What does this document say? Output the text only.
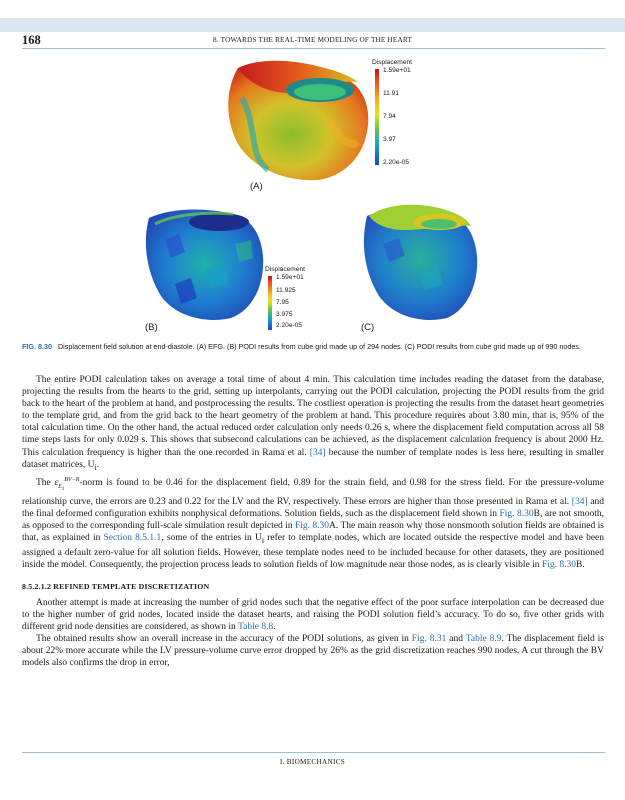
168	8. TOWARDS THE REAL-TIME MODELING OF THE HEART
(A)
Displacement
1.59e+01
11.91
7.94
3.97
2.20e-05
(B)
Displacement
1.59e+01
11.925
7.95
3.975
2.20e-05	(C)
FIG. 8.30 Displacement field solution at end-diastole. (A) EFG. (B) PODI results from cube grid made up of 294 nodes. (C) PODI results from cube grid made up of 990 nodes.

The entire PODI calculation takes on average a total time of about 4 min. This calculation time includes reading the dataset from the database, projecting the results from the hearts to the grid, setting up interpolants, carrying out the PODI calculation, projecting the PODI results from the grid back to the heart of the problem at hand, and postprocessing the results. The costliest operation is projecting the results from the dataset heart geometries to the template grid, and from the grid back to the heart geometry of the problem at hand. This procedure requires about 3.80 min, that is, 95% of the total calculation time. On the other hand, the actual reduced order calculation only needs 0.26 s, where the displacement field computation across all 58 time steps lasts for only 0.029 s. This shows that subsecond calculations can be achieved, as the displacement calculation frequency is about 2000 Hz. This calculation frequency is higher than the one recorded in Rama et al. [34] because the number of template nodes is less here, resulting in smaller dataset matrices, $U_i$.

The $\varepsilon_{E_1}^{BV-R}$-norm is found to be 0.46 for the displacement field, 0.89 for the strain field, and 0.98 for the stress field. For the pressure-volume relationship curve, the errors are 0.23 and 0.22 for the LV and the RV, respectively. These errors are higher than those presented in Rama et al. [34] and the final deformed configuration exhibits nonphysical deformations. Solution fields, such as the displacement field shown in Fig. 8.30B, are not smooth, as opposed to the corresponding full-scale simulation result depicted in Fig. 8.30A. The main reason why those nonsmooth solution fields are obtained is that, as explained in Section 8.5.1.1, some of the entries in $U_i$ refer to template nodes, which are located outside the respective model and have been assigned a default zero-value for all solution fields. However, these template nodes need to be included because for other datasets, they are positioned inside the model. Consequently, the projection process leads to solution fields of low magnitude near those nodes, as is clearly visible in Fig. 8.30B.

8.5.2.1.2 REFINED TEMPLATE DISCRETIZATION

Another attempt is made at increasing the number of grid nodes such that the negative effect of the poor surface interpolation can be decreased due to the higher number of grid nodes, located inside the dataset hearts, and raising the PODI solution field’s accuracy. To do so, five other grids with different grid node densities are considered, as shown in Table 8.8.

The obtained results show an overall increase in the accuracy of the PODI solutions, as given in Fig. 8.31 and Table 8.9. The displacement field is about 22% more accurate while the LV pressure-volume curve error dropped by 26% as the grid discretization reaches 990 nodes. A cut through the BV models also confirms the drop in error,

I. BIOMECHANICS
